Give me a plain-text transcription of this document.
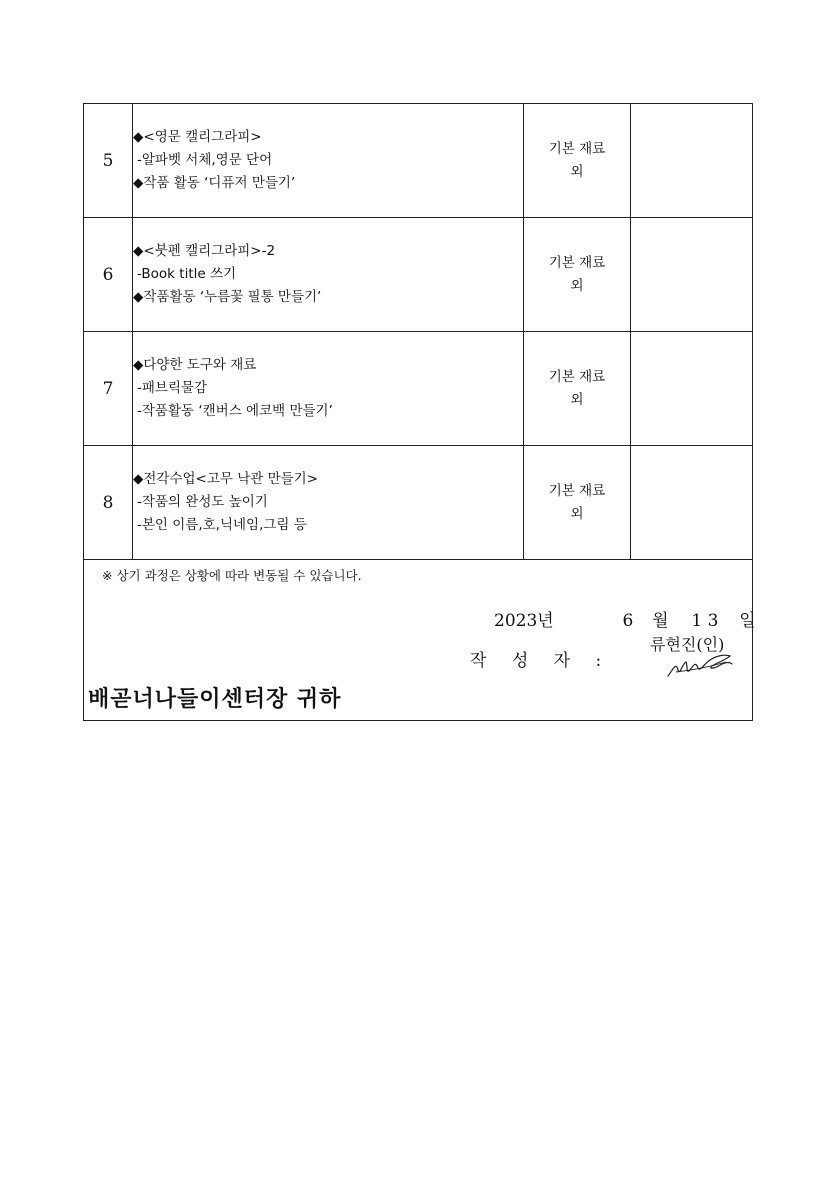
5	◆<영문 캘리그라피>
-알파벳 서체,영문 단어
◆작품 활동 ‘디퓨저 만들기’	기본 재료
외	

6	◆<붓펜 캘리그라피>-2
-Book title 쓰기
◆작품활동 ‘누름꽃 필통 만들기’	기본 재료
외	

7	◆다양한 도구와 재료
-패브릭물감
-작품활동 ‘캔버스 에코백 만들기’	기본 재료
외	

8	◆전각수업<고무 낙관 만들기>
-작품의 완성도 높이기
-본인 이름,호,닉네임,그림 등	기본 재료
외	

※ 상기 과정은 상황에 따라 변동될 수 있습니다.
2023년 6 월 1 3 일
류현진(인)
작 성 자 :
배곧너나들이센터장 귀하			
